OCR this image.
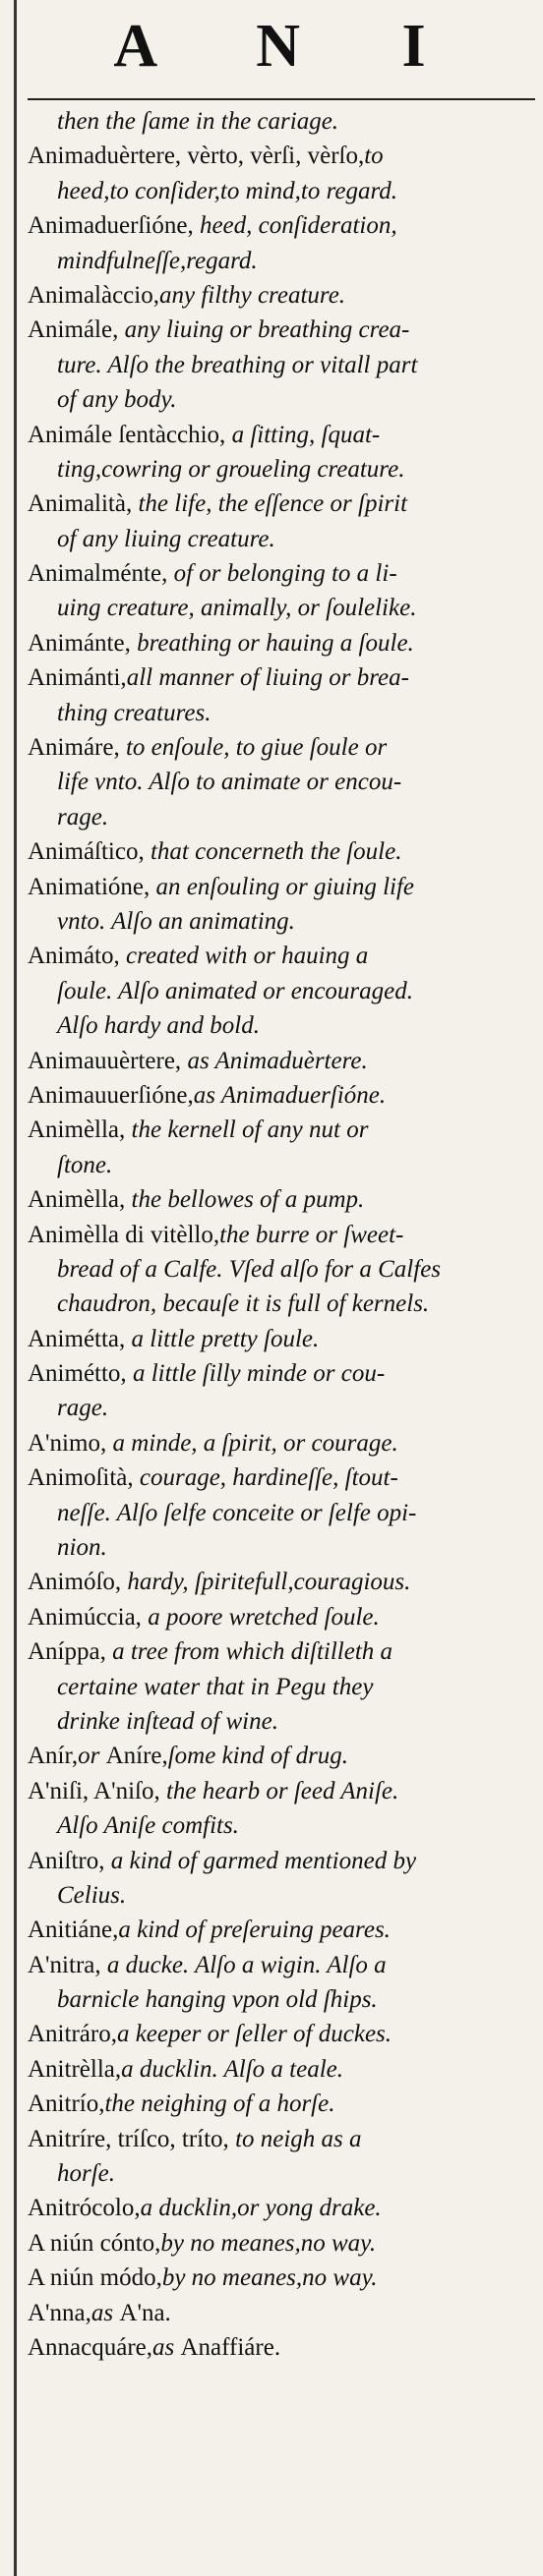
A N I
then the ſame in the cariage.
Animaduèrtere, vèrto, vèrſi, vèrſo,to
heed,to conſider,to mind,to regard.
Animaduerſióne, heed, conſideration,
mindfulneſſe,regard.
Animalàccio,any filthy creature.
Animále, any liuing or breathing crea-
ture. Alſo the breathing or vitall part
of any body.
Animále ſentàcchio, a ſitting, ſquat-
ting,cowring or groueling creature.
Animalità, the life, the eſſence or ſpirit
of any liuing creature.
Animalménte, of or belonging to a li-
uing creature, animally, or ſoulelike.
Animánte, breathing or hauing a ſoule.
Animánti,all manner of liuing or brea-
thing creatures.
Animáre, to enſoule, to giue ſoule or
life vnto. Alſo to animate or encou-
rage.
Animáſtico, that concerneth the ſoule.
Animatióne, an enſouling or giuing life
vnto. Alſo an animating.
Animáto, created with or hauing a
ſoule. Alſo animated or encouraged.
Alſo hardy and bold.
Animauuèrtere, as Animaduèrtere.
Animauuerſióne,as Animaduerſióne.
Animèlla, the kernell of any nut or
ſtone.
Animèlla, the bellowes of a pump.
Animèlla di vitèllo,the burre or ſweet-
bread of a Calfe. Vſed alſo for a Calfes
chaudron, becauſe it is full of kernels.
Animétta, a little pretty ſoule.
Animétto, a little ſilly minde or cou-
rage.
A'nimo, a minde, a ſpirit, or courage.
Animoſità, courage, hardineſſe, ſtout-
neſſe. Alſo ſelfe conceite or ſelfe opi-
nion.
Animóſo, hardy, ſpiritefull,couragious.
Animúccia, a poore wretched ſoule.
Aníppa, a tree from which diſtilleth a
certaine water that in Pegu they
drinke inſtead of wine.
Anír,or Aníre,ſome kind of drug.
A'niſi, A'niſo, the hearb or ſeed Aniſe.
Alſo Aniſe comfits.
Aniſtro, a kind of garmed mentioned by
Celius.
Anitiáne,a kind of preſeruing peares.
A'nitra, a ducke. Alſo a wigin. Alſo a
barnicle hanging vpon old ſhips.
Anitráro,a keeper or ſeller of duckes.
Anitrèlla,a ducklin. Alſo a teale.
Anitrío,the neighing of a horſe.
Anitríre, tríſco, tríto, to neigh as a
horſe.
Anitrócolo,a ducklin,or yong drake.
A niún cónto,by no meanes,no way.
A niún módo,by no meanes,no way.
A'nna,as A'na.
Annacquáre,as Anaffiáre.
